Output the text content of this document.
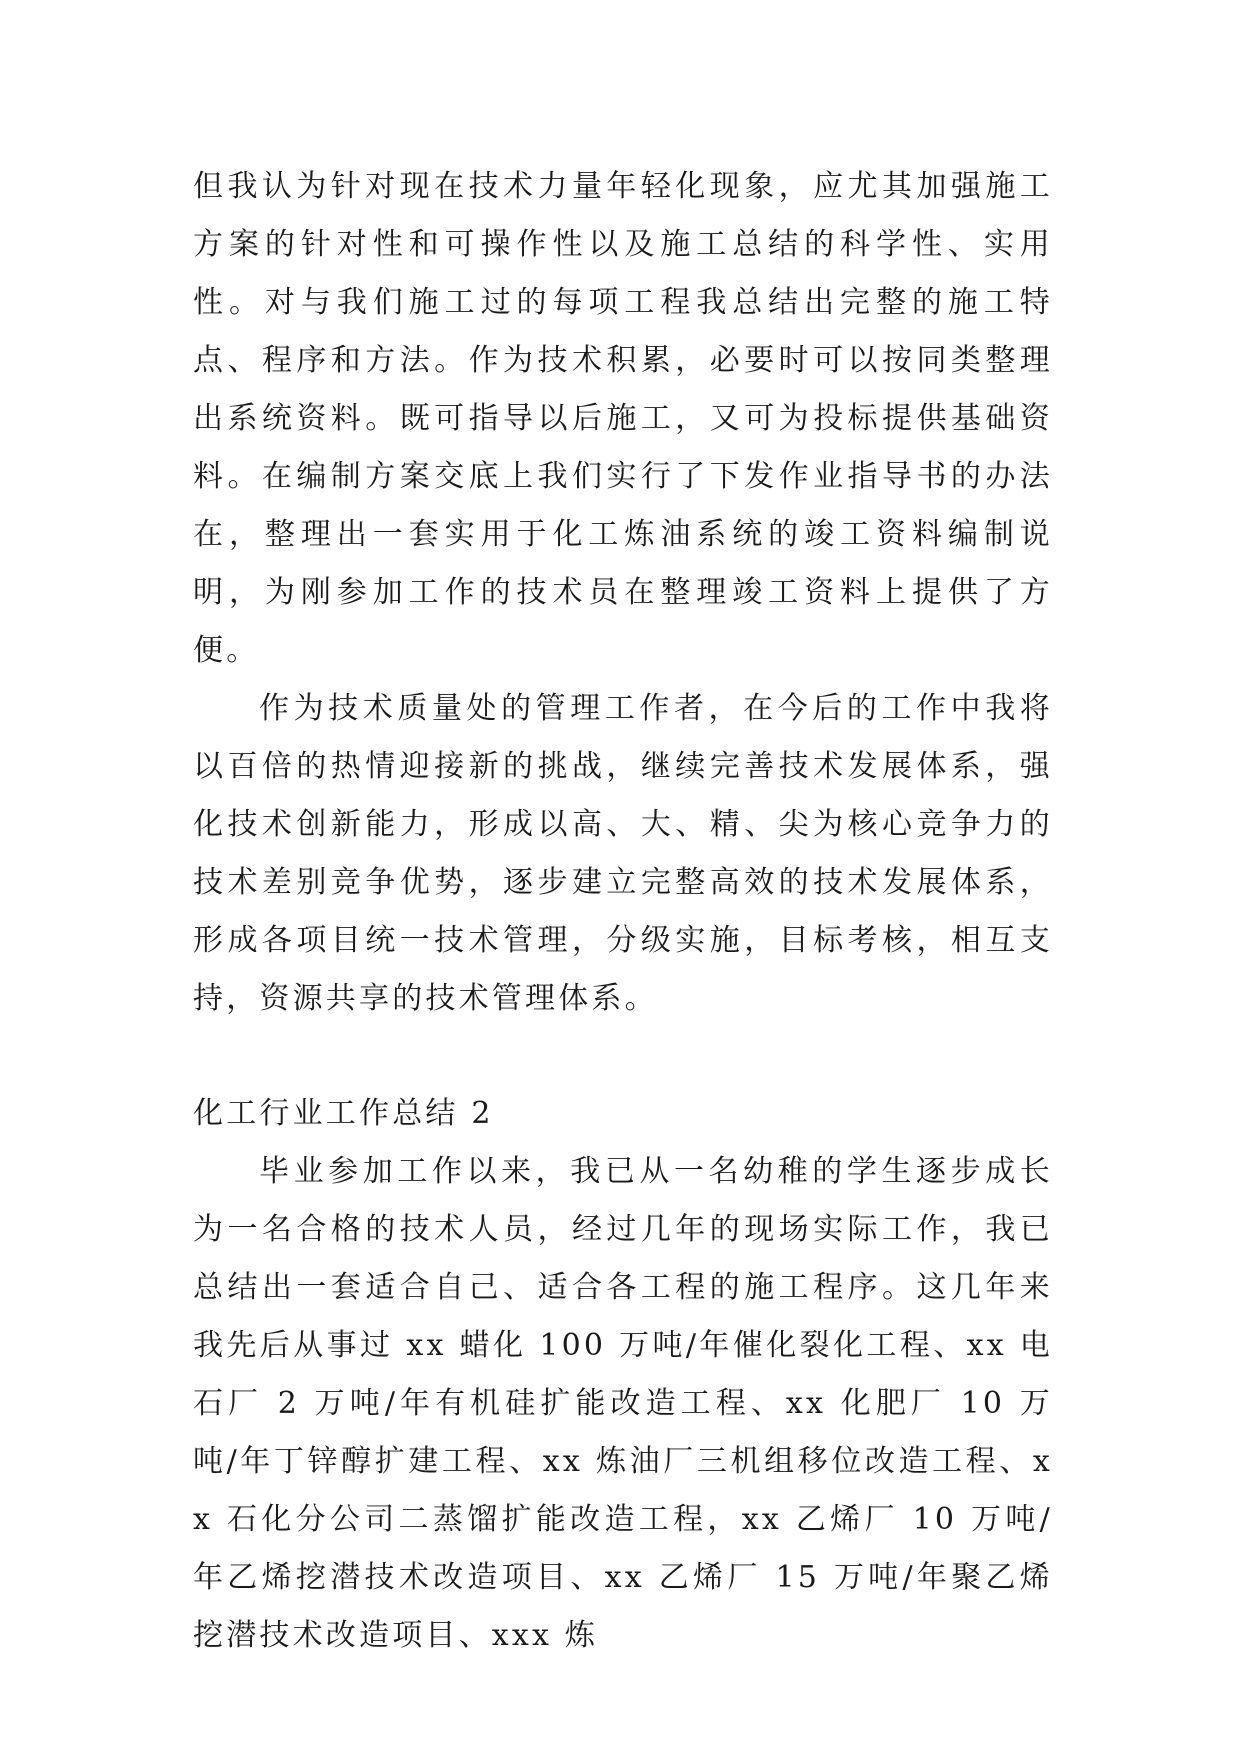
但我认为针对现在技术力量年轻化现象，应尤其加强施工方案的针对性和可操作性以及施工总结的科学性、实用性。对与我们施工过的每项工程我总结出完整的施工特点、程序和方法。作为技术积累，必要时可以按同类整理出系统资料。既可指导以后施工，又可为投标提供基础资料。在编制方案交底上我们实行了下发作业指导书的办法在，整理出一套实用于化工炼油系统的竣工资料编制说明，为刚参加工作的技术员在整理竣工资料上提供了方便。

作为技术质量处的管理工作者，在今后的工作中我将以百倍的热情迎接新的挑战，继续完善技术发展体系，强化技术创新能力，形成以高、大、精、尖为核心竞争力的技术差别竞争优势，逐步建立完整高效的技术发展体系，形成各项目统一技术管理，分级实施，目标考核，相互支持，资源共享的技术管理体系。

化工行业工作总结 2

毕业参加工作以来，我已从一名幼稚的学生逐步成长为一名合格的技术人员，经过几年的现场实际工作，我已总结出一套适合自己、适合各工程的施工程序。这几年来我先后从事过 xx 蜡化 100 万吨/年催化裂化工程、xx 电石厂 2 万吨/年有机硅扩能改造工程、xx 化肥厂 10 万吨/年丁锌醇扩建工程、xx 炼油厂三机组移位改造工程、xx 石化分公司二蒸馏扩能改造工程，xx 乙烯厂 10 万吨/年乙烯挖潜技术改造项目、xx 乙烯厂 15 万吨/年聚乙烯挖潜技术改造项目、xxx 炼
